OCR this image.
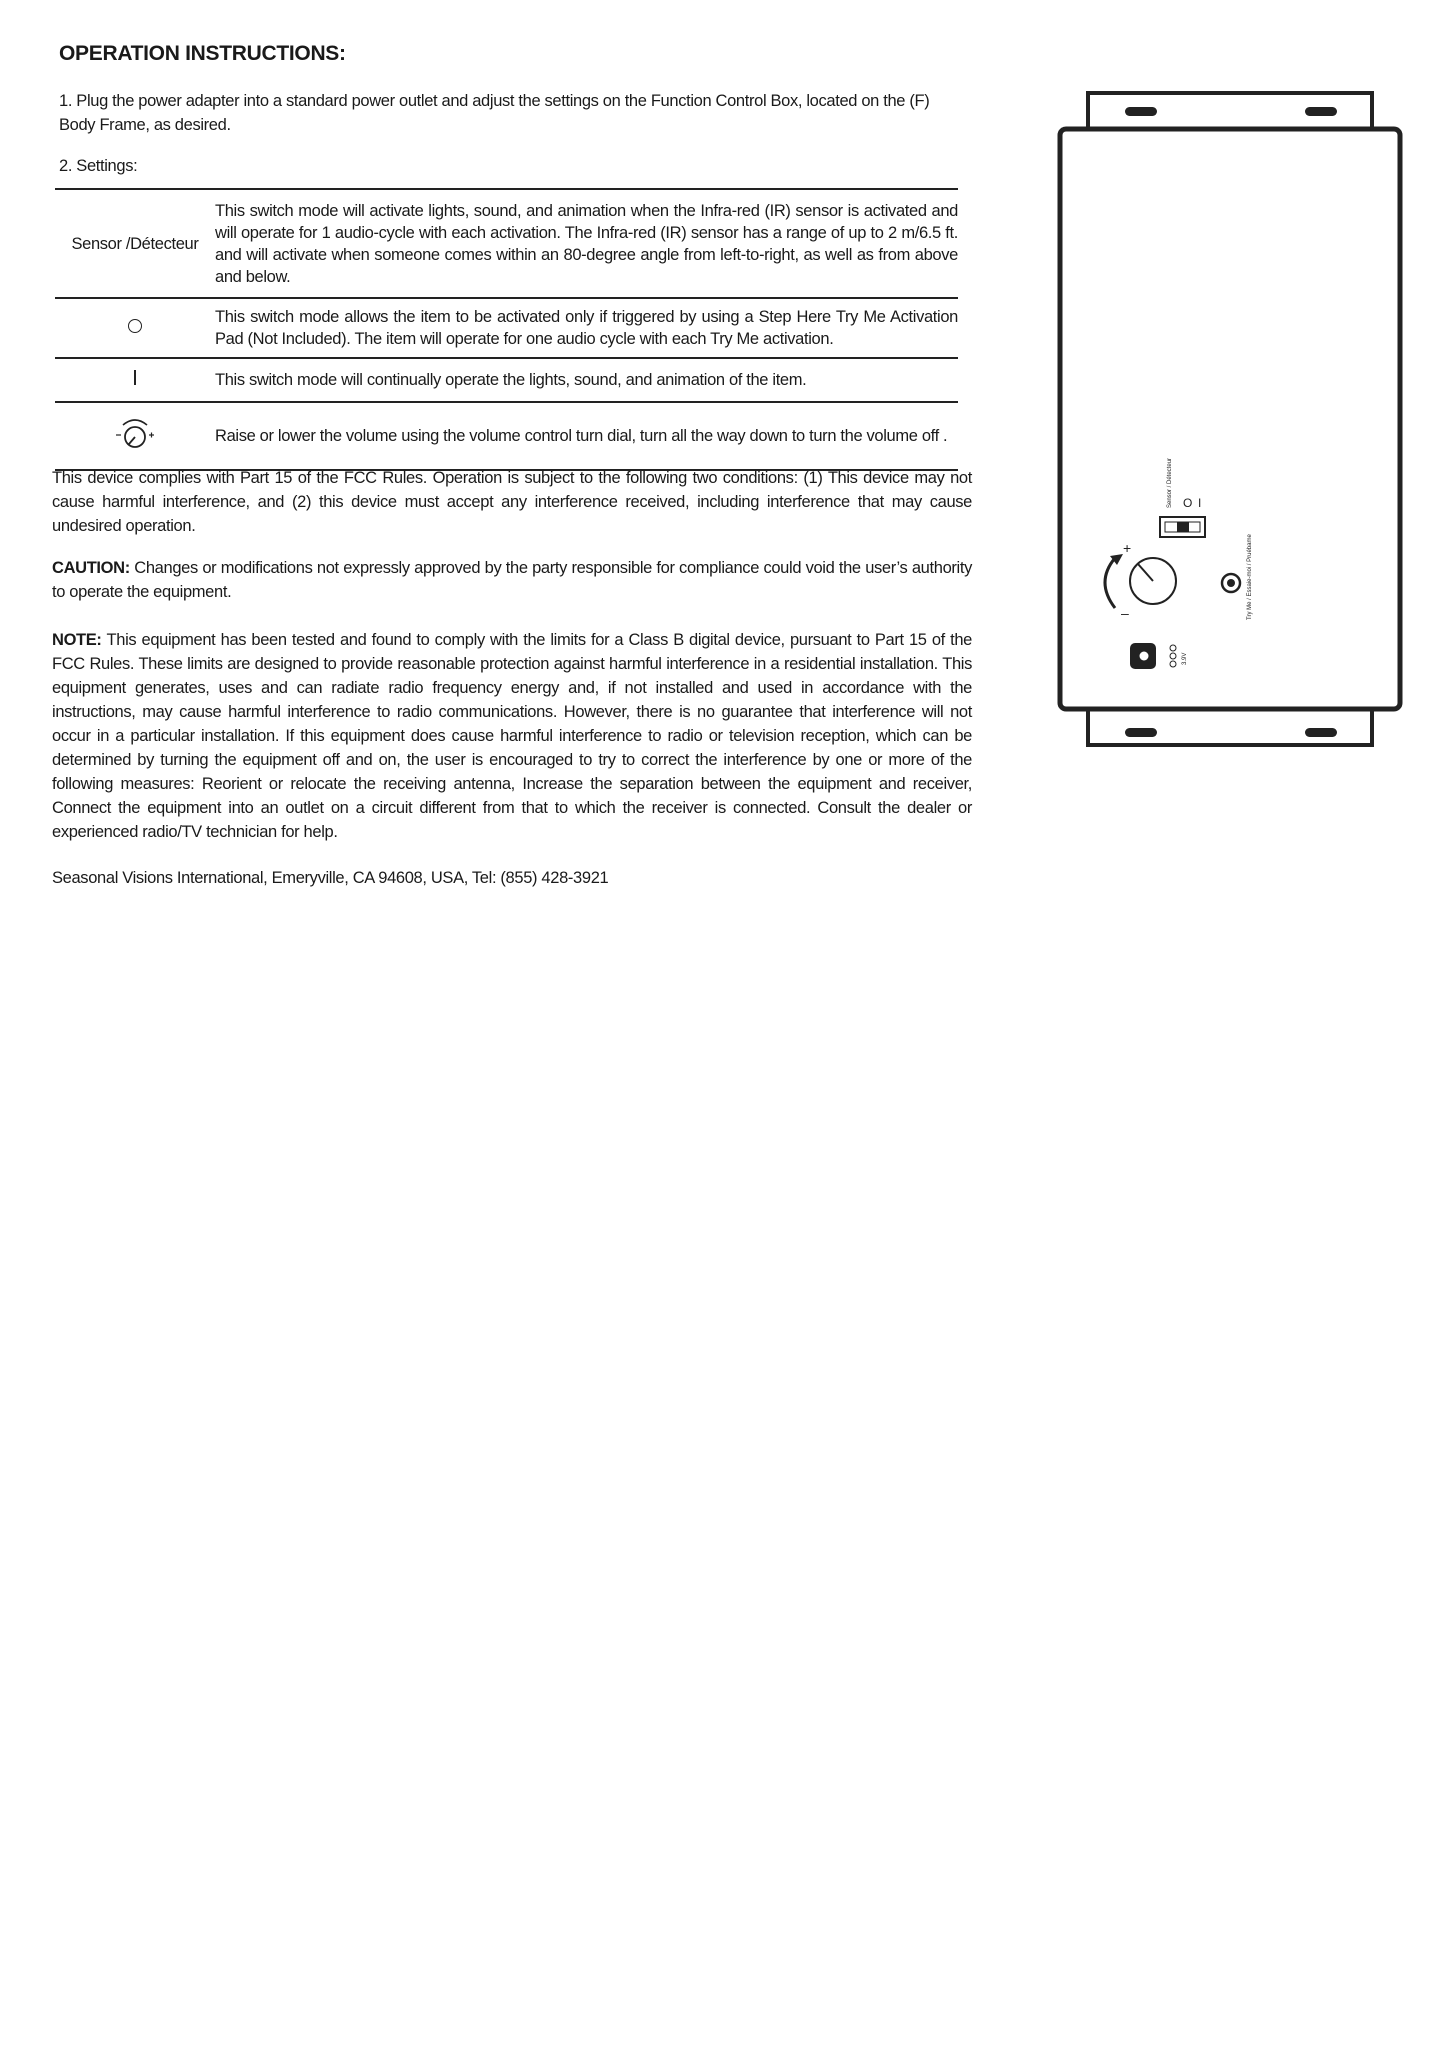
OPERATION INSTRUCTIONS:
1. Plug the power adapter into a standard power outlet and adjust the settings on the Function Control Box, located on the (F) Body Frame, as desired.
2. Settings:
Sensor /Détecteur	This switch mode will activate lights, sound, and animation when the Infra-red (IR) sensor is activated and will operate for 1 audio-cycle with each activation. The Infra-red (IR) sensor has a range of up to 2 m/6.5 ft. and will activate when someone comes within an 80-degree angle from left-to-right, as well as from above and below.
	This switch mode allows the item to be activated only if triggered by using a Step Here Try Me Activation Pad (Not Included). The item will operate for one audio cycle with each Try Me activation.
	This switch mode will continually operate the lights, sound, and animation of the item.
	Raise or lower the volume using the volume control turn dial, turn all the way down to turn the volume off .
This device complies with Part 15 of the FCC Rules. Operation is subject to the following two conditions: (1) This device may not cause harmful interference, and (2) this device must accept any interference received, including interference that may cause undesired operation.
CAUTION: Changes or modifications not expressly approved by the party responsible for compliance could void the user’s authority to operate the equipment.
NOTE: This equipment has been tested and found to comply with the limits for a Class B digital device, pursuant to Part 15 of the FCC Rules. These limits are designed to provide reasonable protection against harmful interference in a residential installation. This equipment generates, uses and can radiate radio frequency energy and, if not installed and used in accordance with the instructions, may cause harmful interference to radio communications. However, there is no guarantee that interference will not occur in a particular installation. If this equipment does cause harmful interference to radio or television reception, which can be determined by turning the equipment off and on, the user is encouraged to try to correct the interference by one or more of the following measures: Reorient or relocate the receiving antenna, Increase the separation between the equipment and receiver, Connect the equipment into an outlet on a circuit different from that to which the receiver is connected. Consult the dealer or experienced radio/TV technician for help.
Seasonal Visions International, Emeryville, CA 94608, USA, Tel: (855) 428-3921
Sensor / Détecteur O I
+
–	Try Me / Essaie-moi / Pruébame
3.9V
